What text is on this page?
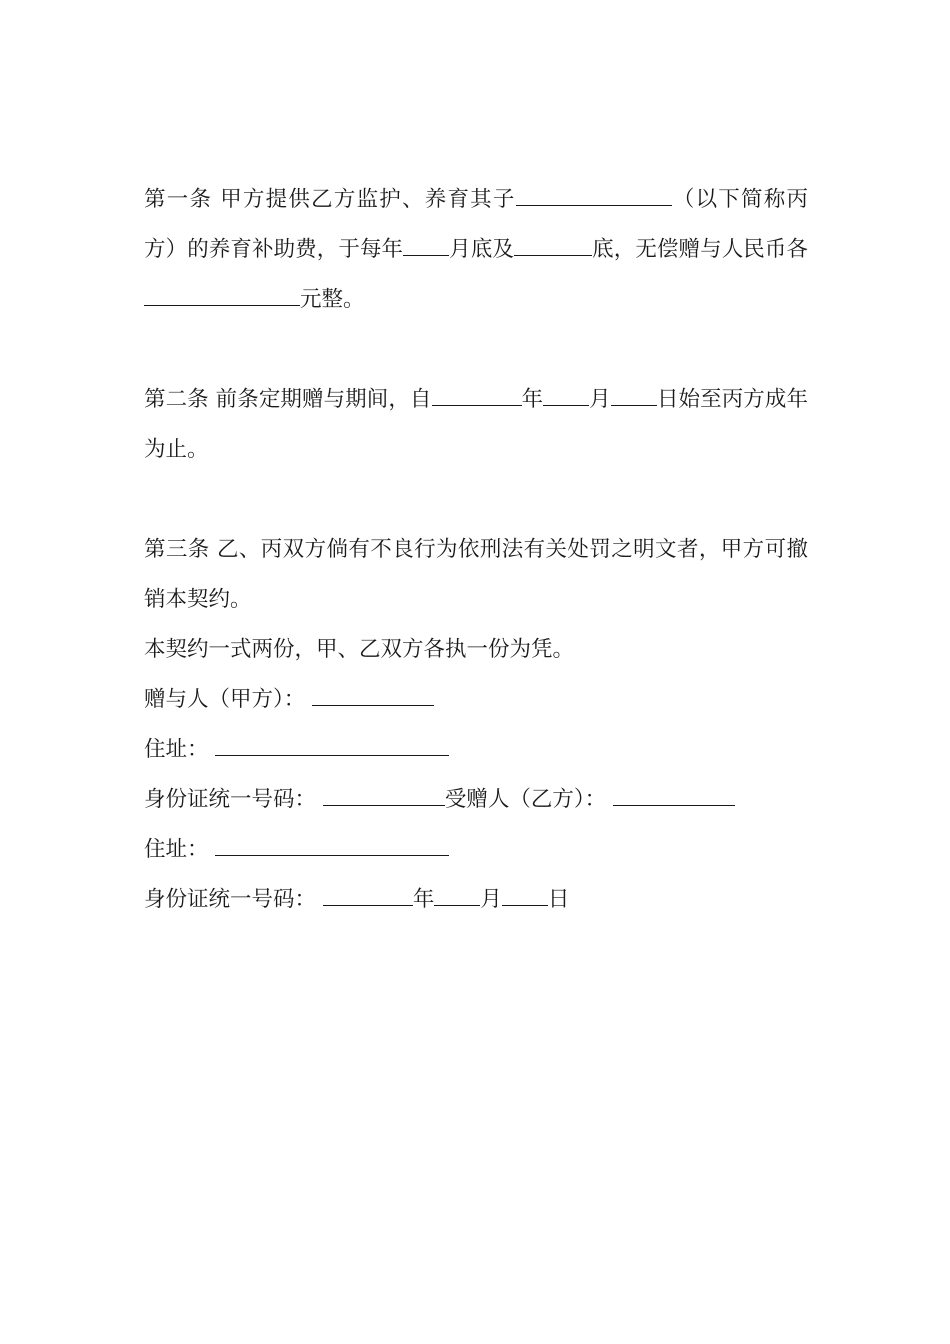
第一条 甲方提供乙方监护、养育其子	（以下简称丙方）的养育补助费，于每年 月底及	底，无偿赠与人民币各元整。

第二条 前条定期赠与期间，自	年 月 日始至丙方成年为止。

第三条 乙、丙双方倘有不良行为依刑法有关处罚之明文者，甲方可撤销本契约。

本契约一式两份，甲、乙双方各执一份为凭。

赠与人（甲方）：

住址：

身份证统一号码：	受赠人（乙方）：

住址：

身份证统一号码：	年 月 日
